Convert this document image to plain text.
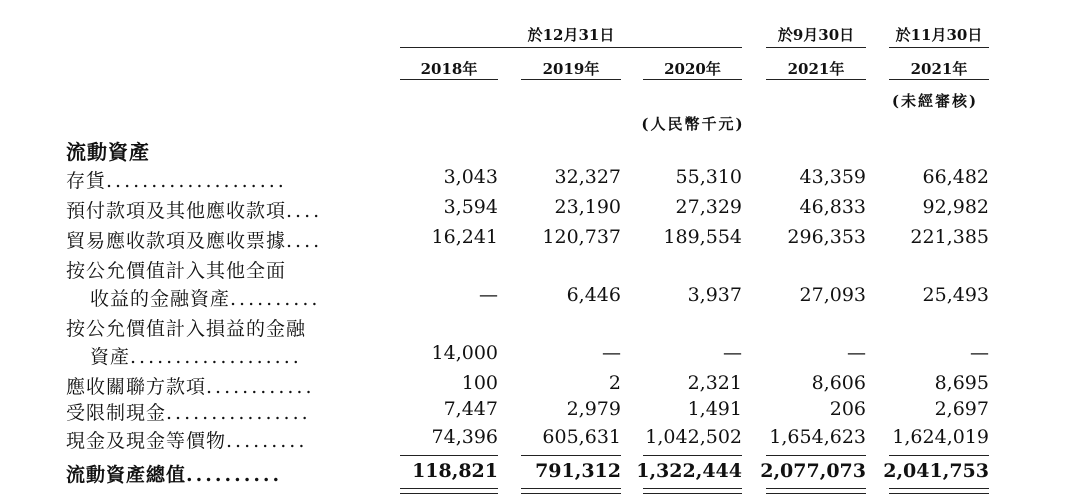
於12月31日	於9月30日	於11月30日
2018年	2019年	2020年	2021年	2021年
(未經審核)
(人民幣千元)
流動資產
存貨....................	3,043	32,327	55,310	43,359	66,482
預付款項及其他應收款項....	3,594	23,190	27,329	46,833	92,982
貿易應收款項及應收票據....	16,241	120,737	189,554	296,353	221,385
按公允價值計入其他全面
收益的金融資產..........	—	6,446	3,937	27,093	25,493
按公允價值計入損益的金融
資產...................	14,000	—	—	—	—
應收關聯方款項............	100	2	2,321	8,606	8,695
受限制現金................	7,447	2,979	1,491	206	2,697
現金及現金等價物.........	74,396	605,631	1,042,502	1,654,623	1,624,019
流動資產總值..........	118,821	791,312 1,322,444 2,077,073 2,041,753
